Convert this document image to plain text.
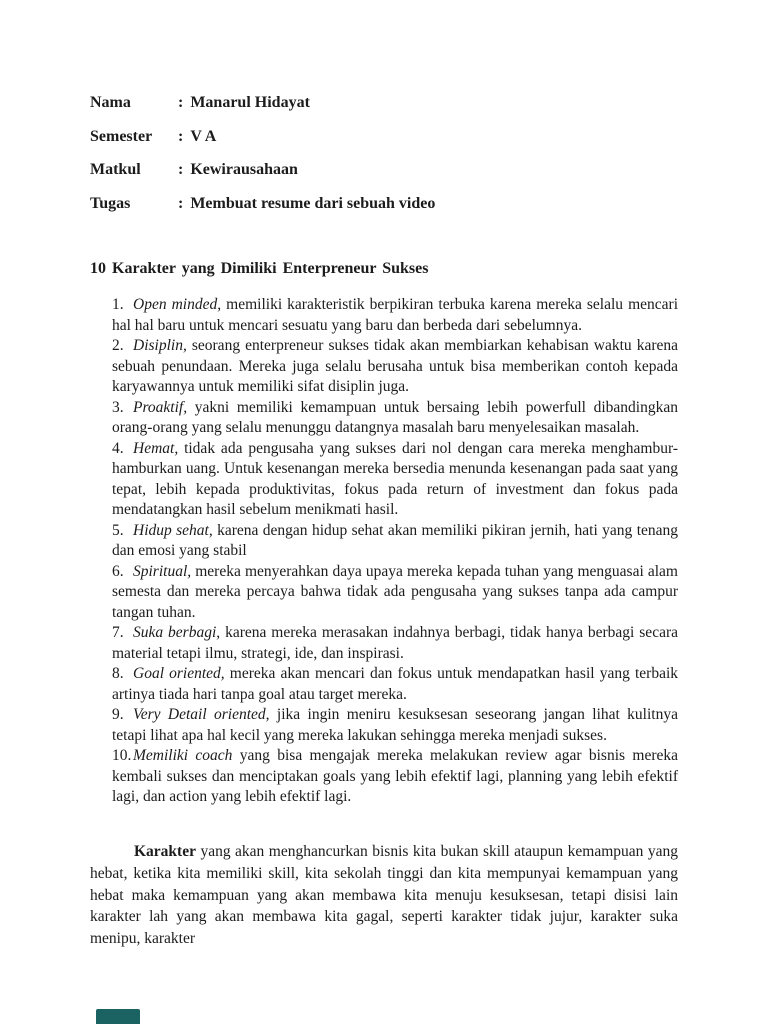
Nama	: Manarul Hidayat
Semester	: V A
Matkul	: Kewirausahaan
Tugas	: Membuat resume dari sebuah video
10 Karakter yang Dimiliki Enterpreneur Sukses
1. Open minded, memiliki karakteristik berpikiran terbuka karena mereka selalu mencari hal hal baru untuk mencari sesuatu yang baru dan berbeda dari sebelumnya.
2. Disiplin, seorang enterpreneur sukses tidak akan membiarkan kehabisan waktu karena sebuah penundaan. Mereka juga selalu berusaha untuk bisa memberikan contoh kepada karyawannya untuk memiliki sifat disiplin juga.
3. Proaktif, yakni memiliki kemampuan untuk bersaing lebih powerfull dibandingkan orang-orang yang selalu menunggu datangnya masalah baru menyelesaikan masalah.
4. Hemat, tidak ada pengusaha yang sukses dari nol dengan cara mereka menghambur-hamburkan uang. Untuk kesenangan mereka bersedia menunda kesenangan pada saat yang tepat, lebih kepada produktivitas, fokus pada return of investment dan fokus pada mendatangkan hasil sebelum menikmati hasil.
5. Hidup sehat, karena dengan hidup sehat akan memiliki pikiran jernih, hati yang tenang dan emosi yang stabil
6. Spiritual, mereka menyerahkan daya upaya mereka kepada tuhan yang menguasai alam semesta dan mereka percaya bahwa tidak ada pengusaha yang sukses tanpa ada campur tangan tuhan.
7. Suka berbagi, karena mereka merasakan indahnya berbagi, tidak hanya berbagi secara material tetapi ilmu, strategi, ide, dan inspirasi.
8. Goal oriented, mereka akan mencari dan fokus untuk mendapatkan hasil yang terbaik artinya tiada hari tanpa goal atau target mereka.
9. Very Detail oriented, jika ingin meniru kesuksesan seseorang jangan lihat kulitnya tetapi lihat apa hal kecil yang mereka lakukan sehingga mereka menjadi sukses.
10. Memiliki coach yang bisa mengajak mereka melakukan review agar bisnis mereka kembali sukses dan menciptakan goals yang lebih efektif lagi, planning yang lebih efektif lagi, dan action yang lebih efektif lagi.

Karakter yang akan menghancurkan bisnis kita bukan skill ataupun kemampuan yang hebat, ketika kita memiliki skill, kita sekolah tinggi dan kita mempunyai kemampuan yang hebat maka kemampuan yang akan membawa kita menuju kesuksesan, tetapi disisi lain karakter lah yang akan membawa kita gagal, seperti karakter tidak jujur, karakter suka menipu, karakter
